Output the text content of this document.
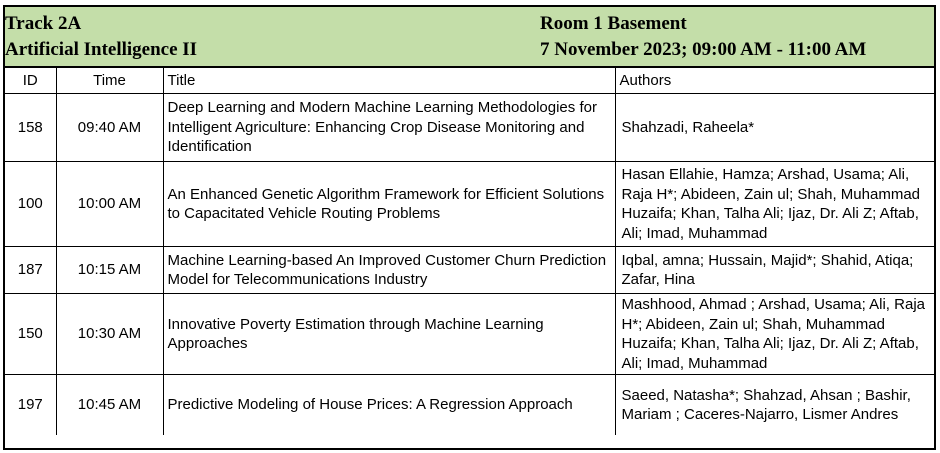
Track 2A
Artificial Intelligence II
Room 1 Basement
7 November 2023; 09:00 AM - 11:00 AM
ID	Time	Title	Authors
158	09:40 AM	Deep Learning and Modern Machine Learning Methodologies for Intelligent Agriculture: Enhancing Crop Disease Monitoring and Identification	Shahzadi, Raheela*
100	10:00 AM	An Enhanced Genetic Algorithm Framework for Efficient Solutions to Capacitated Vehicle Routing Problems	Hasan Ellahie, Hamza; Arshad, Usama; Ali, Raja H*; Abideen, Zain ul; Shah, Muhammad Huzaifa; Khan, Talha Ali; Ijaz, Dr. Ali Z; Aftab, Ali; Imad, Muhammad
187	10:15 AM	Machine Learning-based An Improved Customer Churn Prediction Model for Telecommunications Industry	Iqbal, amna; Hussain, Majid*; Shahid, Atiqa; Zafar, Hina
150	10:30 AM	Innovative Poverty Estimation through Machine Learning Approaches	Mashhood, Ahmad ; Arshad, Usama; Ali, Raja H*; Abideen, Zain ul; Shah, Muhammad Huzaifa; Khan, Talha Ali; Ijaz, Dr. Ali Z; Aftab, Ali; Imad, Muhammad
197	10:45 AM	Predictive Modeling of House Prices: A Regression Approach	Saeed, Natasha*; Shahzad, Ahsan ; Bashir, Mariam ; Caceres-Najarro, Lismer Andres
